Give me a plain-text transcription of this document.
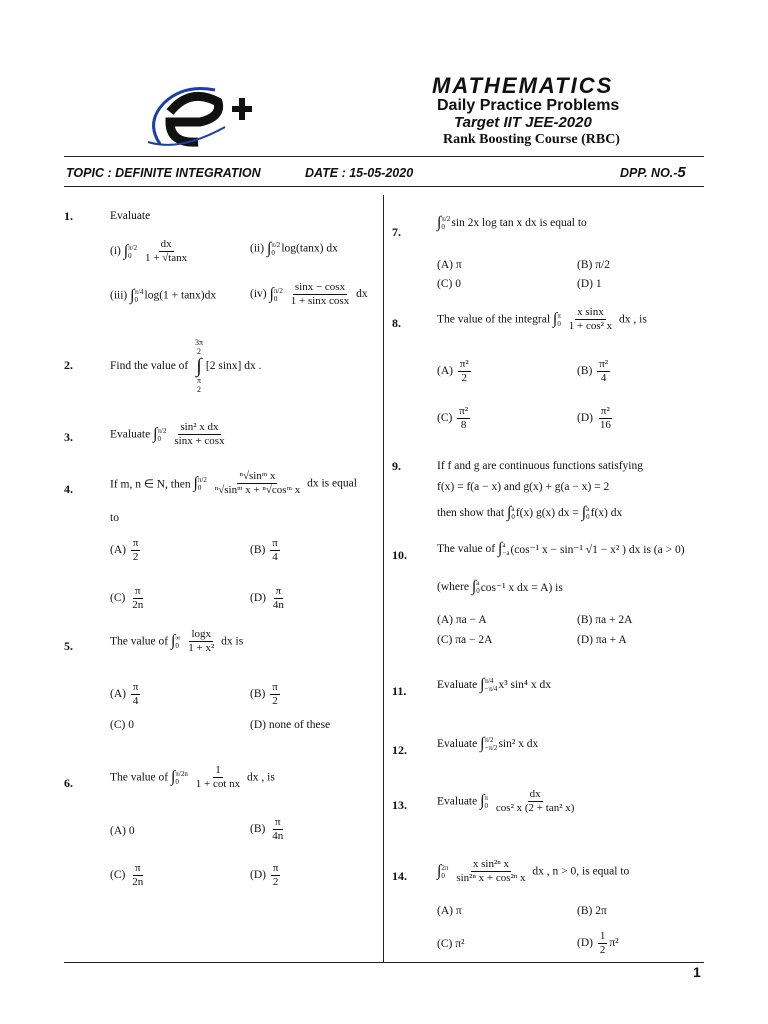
MATHEMATICS
Daily Practice Problems
Target IIT JEE-2020
Rank Boosting Course (RBC)
TOPIC : DEFINITE INTEGRATION	DATE : 15-05-2020	DPP. NO.-5
1.	Evaluate
(i) ∫ π/2
0
	$\frac{dx}{1 + √\tan x}$	(ii) ∫ π/2
0 log(tanx) dx
(iii) ∫ π/4
0 log(1 + tanx)dx	(iv) ∫ π/2
0
	$\frac{\sin x - \cos x}{\text{1 + sinx cosx}}$ dx
2.	Find the value of
3π
2
∫
π
2
[2 sinx] dx .
3.	Evaluate ∫ π/2
0
	$\frac{\text{sin² x dx}}{\sin x + \cos x}$
4.	If m, n ∈ N, then ∫ π/2
0
	$\frac{\text{ⁿ√sinᵐ x}}{\text{ⁿ√sinᵐ x + ⁿ√cosᵐ x}}$ dx is equal
to
$(A) \frac{\pi}{2}$	$(B) \frac{\pi}{4}$
$(C) \frac{\pi}{2n}$	$(D) \frac{\pi}{4n}$
5.	The value of ∫ ∞
0
$\frac{\log x}{\text{1 + x²}}$ dx is
$(A) \frac{\pi}{4}$	$(B) \frac{\pi}{2}$
(C) 0	(D) none of these
6.	The value of ∫ π/2n
0
	$\frac{1}{\text{1 + cot nx}}$ dx , is
(A) 0	$(B) \frac{\pi}{4n}$
$(C) \frac{\pi}{2n}$	$(D) \frac{\pi}{2}$
7.
∫ π/2
0 sin 2x log tan x dx is equal to
(A) π	(B) π/2
(C) 0	(D) 1
8.	The value of the integral ∫ π
0
$\frac{\text{x sinx}}{\text{1 + cos² x}}$ dx , is
$(A) \frac{\text{π²}}{2}$	$(B) \frac{\text{π²}}{4}$
$(C) \frac{\text{π²}}{8}$	$(D) \frac{\text{π²}}{16}$
9.	If f and g are continuous functions satisfying
f(x) = f(a − x) and g(x) + g(a − x) = 2
then show that ∫ a
0 f(x) g(x) dx = ∫ a
0 f(x) dx
10.	The value of ∫ a
−a (cos⁻¹ x − sin⁻¹ √1 − x² ) dx is (a > 0)
(where ∫ a
0 cos⁻¹ x dx = A) is
(A) πa − A	(B) πa + 2A
(C) πa − 2A	(D) πa + A
11.	Evaluate ∫ π/4
−π/4 x³ sin⁴ x dx
12.	Evaluate ∫ π/2
−π/2 sin² x dx
13.	Evaluate ∫ π
0
$\frac{dx}{\text{cos² x (2 + tan² x)}}$
14. ∫ 2π
0
$\frac{\text{x sin²ⁿ x}}{\text{sin²ⁿ x + cos²ⁿ x}}$ dx , n > 0, is equal to
(A) π	(B) 2π
(C) π²	$(D) \frac{1}{2} \pi^2$
1
